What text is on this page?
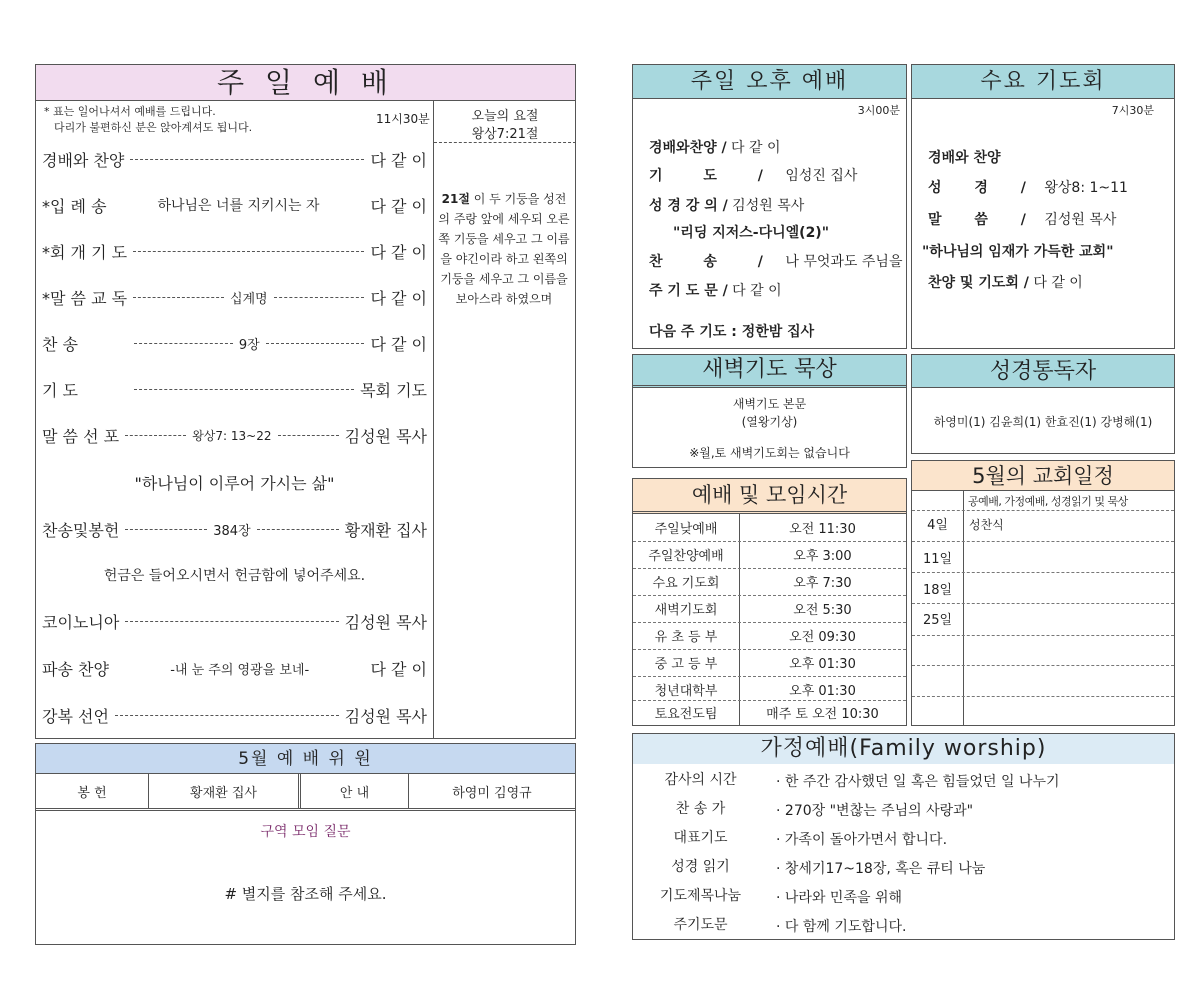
주 일 예 배
* 표는 일어나셔서 예배를 드립니다.
다리가 불편하신 분은 앉아계셔도 됩니다.
11시30분	오늘의 요절
왕상7:21절
21절 이 두 기둥을 성전의 주랑 앞에 세우되 오른쪽 기둥을 세우고 그 이름을 야긴이라 하고 왼쪽의 기둥을 세우고 그 이름을 보아스라 하였으며
경배와 찬양	다 같 이
*입 례 송	하나님은 너를 지키시는 자	다 같 이
*회 개 기 도	다 같 이
*말 씀 교 독	십계명	다 같 이
찬 송	9장	다 같 이
기 도	목회 기도
말 씀 선 포	왕상7: 13~22	김성원 목사
"하나님이 이루어 가시는 삶"
찬송및봉헌	384장	황재환 집사
헌금은 들어오시면서 헌금함에 넣어주세요.
코이노니아	김성원 목사
파송 찬양	-내 눈 주의 영광을 보네-	다 같 이
강복 선언	김성원 목사
5월 예 배 위 원
봉 헌	황재환 집사	안 내	하영미 김영규
구역 모임 질문
# 별지를 참조해 주세요.
주일 오후 예배
3시00분
경배와찬양 / 다 같 이
기 도 / 임성진 집사
성 경 강 의 / 김성원 목사
"리딩 지저스-다니엘(2)"
찬 송 / 나 무엇과도 주님을
주 기 도 문 / 다 같 이
다음 주 기도 : 정한밤 집사
수요 기도회
7시30분
경배와 찬양
성 경 / 왕상8: 1~11
말 씀 / 김성원 목사
"하나님의 임재가 가득한 교회"
찬양 및 기도회 / 다 같 이
새벽기도 묵상
새벽기도 본문
(열왕기상)
※월,토 새벽기도회는 없습니다
성경통독자
하영미(1) 김윤희(1) 한효진(1) 강병해(1)
예배 및 모임시간
주일낮예배	오전 11:30
주일찬양예배	오후 3:00
수요 기도회	오후 7:30
새벽기도회	오전 5:30
유 초 등 부	오전 09:30
중 고 등 부	오후 01:30
청년대학부	오후 01:30
토요전도팀	매주 토 오전 10:30
5월의 교회일정
공예배, 가정예배, 성경읽기 및 묵상
4일	성찬식
11일
18일
25일
가정예배(Family worship)
감사의 시간	· 한 주간 감사했던 일 혹은 힘들었던 일 나누기
찬 송 가	· 270장 "변찮는 주님의 사랑과"
대표기도	· 가족이 돌아가면서 합니다.
성경 읽기	· 창세기17~18장, 혹은 큐티 나눔
기도제목나눔	· 나라와 민족을 위해
주기도문	· 다 함께 기도합니다.
